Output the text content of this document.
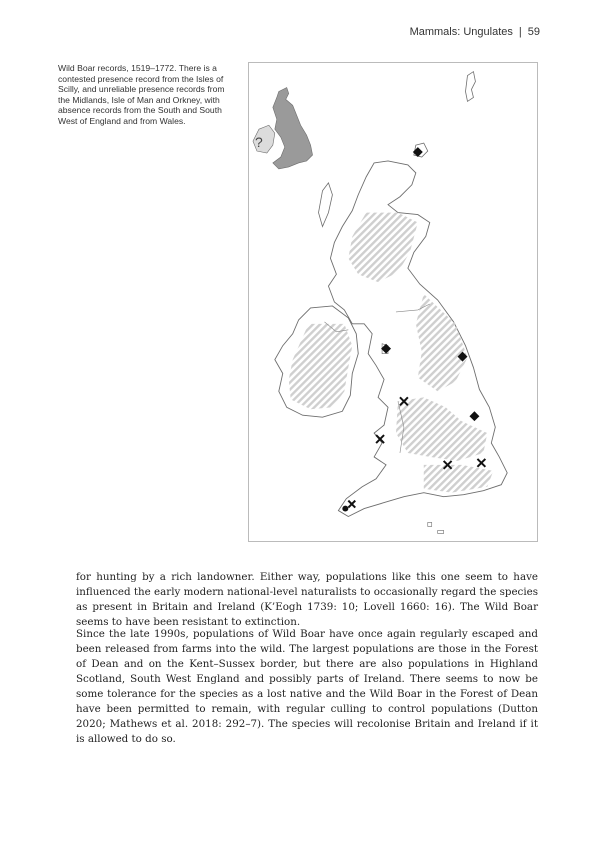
Mammals: Ungulates | 59

Wild Boar records, 1519–1772. There is a contested presence record from the Isles of Scilly, and unreliable presence records from the Midlands, Isle of Man and Orkney, with absence records from the South and South West of England and from Wales.

?

for hunting by a rich landowner. Either way, populations like this one seem to have influenced the early modern national-level naturalists to occasionally regard the species as present in Britain and Ireland (K’Eogh 1739: 10; Lovell 1660: 16). The Wild Boar seems to have been resistant to extinction.

Since the late 1990s, populations of Wild Boar have once again regularly escaped and been released from farms into the wild. The largest populations are those in the Forest of Dean and on the Kent–Sussex border, but there are also populations in Highland Scotland, South West England and possibly parts of Ireland. There seems to now be some tolerance for the species as a lost native and the Wild Boar in the Forest of Dean have been permitted to remain, with regular culling to control populations (Dutton 2020; Mathews et al. 2018: 292–7). The species will recolonise Britain and Ireland if it is allowed to do so.
